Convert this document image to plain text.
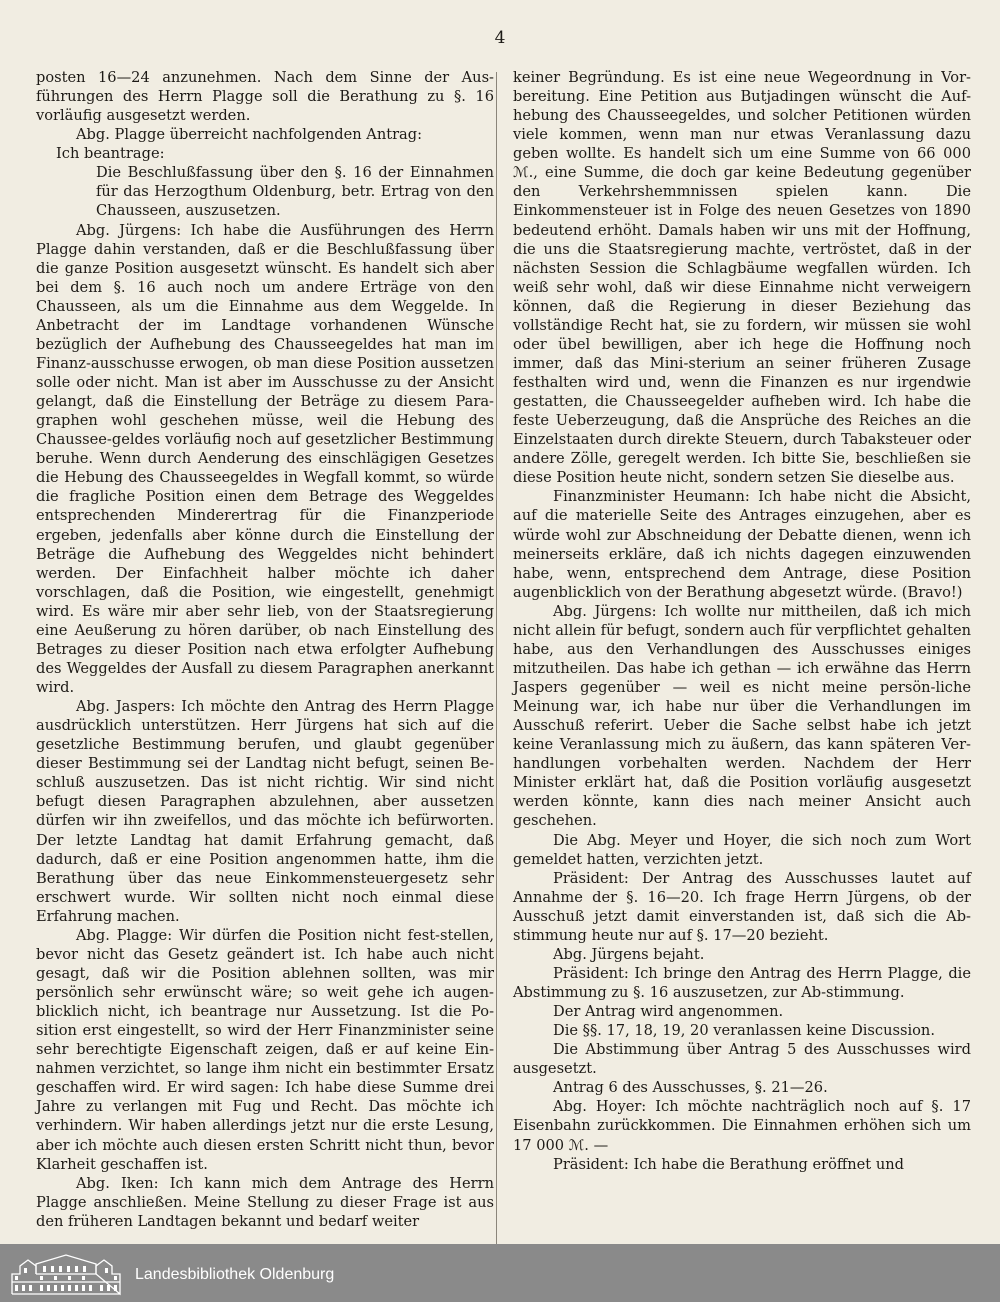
4

posten 16—24 anzunehmen. Nach dem Sinne der Aus-führungen des Herrn Plagge soll die Berathung zu §. 16 vorläufig ausgesetzt werden.

Abg. Plagge überreicht nachfolgenden Antrag:

Ich beantrage:

Die Beschlußfassung über den §. 16 der Einnahmen für das Herzogthum Oldenburg, betr. Ertrag von den Chausseen, auszusetzen.

Abg. Jürgens: Ich habe die Ausführungen des Herrn Plagge dahin verstanden, daß er die Beschlußfassung über die ganze Position ausgesetzt wünscht. Es handelt sich aber bei dem §. 16 auch noch um andere Erträge von den Chausseen, als um die Einnahme aus dem Weggelde. In Anbetracht der im Landtage vorhandenen Wünsche bezüglich der Aufhebung des Chausseegeldes hat man im Finanz-ausschusse erwogen, ob man diese Position aussetzen solle oder nicht. Man ist aber im Ausschusse zu der Ansicht gelangt, daß die Einstellung der Beträge zu diesem Para-graphen wohl geschehen müsse, weil die Hebung des Chaussee-geldes vorläufig noch auf gesetzlicher Bestimmung beruhe. Wenn durch Aenderung des einschlägigen Gesetzes die Hebung des Chausseegeldes in Wegfall kommt, so würde die fragliche Position einen dem Betrage des Weggeldes entsprechenden Minderertrag für die Finanzperiode ergeben, jedenfalls aber könne durch die Einstellung der Beträge die Aufhebung des Weggeldes nicht behindert werden. Der Einfachheit halber möchte ich daher vorschlagen, daß die Position, wie eingestellt, genehmigt wird. Es wäre mir aber sehr lieb, von der Staatsregierung eine Aeußerung zu hören darüber, ob nach Einstellung des Betrages zu dieser Position nach etwa erfolgter Aufhebung des Weggeldes der Ausfall zu diesem Paragraphen anerkannt wird.

Abg. Jaspers: Ich möchte den Antrag des Herrn Plagge ausdrücklich unterstützen. Herr Jürgens hat sich auf die gesetzliche Bestimmung berufen, und glaubt gegenüber dieser Bestimmung sei der Landtag nicht befugt, seinen Be-schluß auszusetzen. Das ist nicht richtig. Wir sind nicht befugt diesen Paragraphen abzulehnen, aber aussetzen dürfen wir ihn zweifellos, und das möchte ich befürworten. Der letzte Landtag hat damit Erfahrung gemacht, daß dadurch, daß er eine Position angenommen hatte, ihm die Berathung über das neue Einkommensteuergesetz sehr erschwert wurde. Wir sollten nicht noch einmal diese Erfahrung machen.

Abg. Plagge: Wir dürfen die Position nicht fest-stellen, bevor nicht das Gesetz geändert ist. Ich habe auch nicht gesagt, daß wir die Position ablehnen sollten, was mir persönlich sehr erwünscht wäre; so weit gehe ich augen-blicklich nicht, ich beantrage nur Aussetzung. Ist die Po-sition erst eingestellt, so wird der Herr Finanzminister seine sehr berechtigte Eigenschaft zeigen, daß er auf keine Ein-nahmen verzichtet, so lange ihm nicht ein bestimmter Ersatz geschaffen wird. Er wird sagen: Ich habe diese Summe drei Jahre zu verlangen mit Fug und Recht. Das möchte ich verhindern. Wir haben allerdings jetzt nur die erste Lesung, aber ich möchte auch diesen ersten Schritt nicht thun, bevor Klarheit geschaffen ist.

Abg. Iken: Ich kann mich dem Antrage des Herrn Plagge anschließen. Meine Stellung zu dieser Frage ist aus den früheren Landtagen bekannt und bedarf weiter

keiner Begründung. Es ist eine neue Wegeordnung in Vor-bereitung. Eine Petition aus Butjadingen wünscht die Auf-hebung des Chausseegeldes, und solcher Petitionen würden viele kommen, wenn man nur etwas Veranlassung dazu geben wollte. Es handelt sich um eine Summe von 66 000 ℳ., eine Summe, die doch gar keine Bedeutung gegenüber den Verkehrshemmnissen spielen kann. Die Einkommensteuer ist in Folge des neuen Gesetzes von 1890 bedeutend erhöht. Damals haben wir uns mit der Hoffnung, die uns die Staatsregierung machte, vertröstet, daß in der nächsten Session die Schlagbäume wegfallen würden. Ich weiß sehr wohl, daß wir diese Einnahme nicht verweigern können, daß die Regierung in dieser Beziehung das vollständige Recht hat, sie zu fordern, wir müssen sie wohl oder übel bewilligen, aber ich hege die Hoffnung noch immer, daß das Mini-sterium an seiner früheren Zusage festhalten wird und, wenn die Finanzen es nur irgendwie gestatten, die Chausseegelder aufheben wird. Ich habe die feste Ueberzeugung, daß die Ansprüche des Reiches an die Einzelstaaten durch direkte Steuern, durch Tabaksteuer oder andere Zölle, geregelt werden. Ich bitte Sie, beschließen sie diese Position heute nicht, sondern setzen Sie dieselbe aus.

Finanzminister Heumann: Ich habe nicht die Absicht, auf die materielle Seite des Antrages einzugehen, aber es würde wohl zur Abschneidung der Debatte dienen, wenn ich meinerseits erkläre, daß ich nichts dagegen einzuwenden habe, wenn, entsprechend dem Antrage, diese Position augenblicklich von der Berathung abgesetzt würde. (Bravo!)

Abg. Jürgens: Ich wollte nur mittheilen, daß ich mich nicht allein für befugt, sondern auch für verpflichtet gehalten habe, aus den Verhandlungen des Ausschusses einiges mitzutheilen. Das habe ich gethan — ich erwähne das Herrn Jaspers gegenüber — weil es nicht meine persön-liche Meinung war, ich habe nur über die Verhandlungen im Ausschuß referirt. Ueber die Sache selbst habe ich jetzt keine Veranlassung mich zu äußern, das kann späteren Ver-handlungen vorbehalten werden. Nachdem der Herr Minister erklärt hat, daß die Position vorläufig ausgesetzt werden könnte, kann dies nach meiner Ansicht auch geschehen.

Die Abg. Meyer und Hoyer, die sich noch zum Wort gemeldet hatten, verzichten jetzt.

Präsident: Der Antrag des Ausschusses lautet auf Annahme der §. 16—20. Ich frage Herrn Jürgens, ob der Ausschuß jetzt damit einverstanden ist, daß sich die Ab-stimmung heute nur auf §. 17—20 bezieht.

Abg. Jürgens bejaht.

Präsident: Ich bringe den Antrag des Herrn Plagge, die Abstimmung zu §. 16 auszusetzen, zur Ab-stimmung.

Der Antrag wird angenommen.

Die §§. 17, 18, 19, 20 veranlassen keine Discussion.

Die Abstimmung über Antrag 5 des Ausschusses wird ausgesetzt.

Antrag 6 des Ausschusses, §. 21—26.

Abg. Hoyer: Ich möchte nachträglich noch auf §. 17 Eisenbahn zurückkommen. Die Einnahmen erhöhen sich um 17 000 ℳ. —

Präsident: Ich habe die Berathung eröffnet und

Landesbibliothek Oldenburg
